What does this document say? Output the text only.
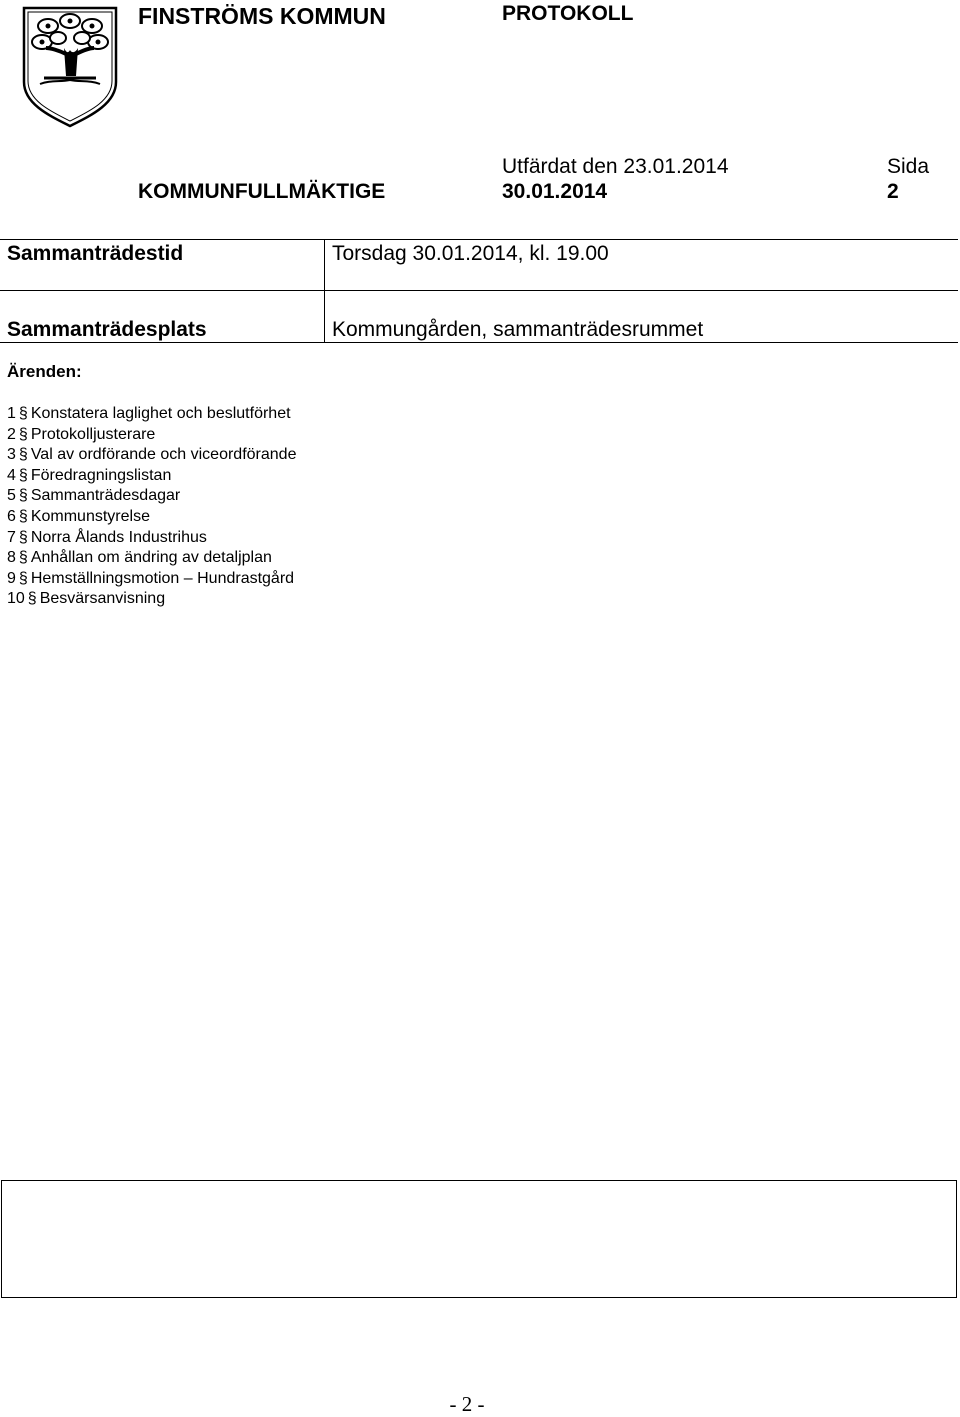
FINSTRÖMS KOMMUN	PROTOKOLL
Utfärdat den 23.01.2014
KOMMUNFULLMÄKTIGE	30.01.2014
Sida
2
Sammanträdestid	Torsdag 30.01.2014, kl. 19.00
Sammanträdesplats	Kommungården, sammanträdesrummet
Ärenden:
1 § Konstatera laglighet och beslutförhet
2 § Protokolljusterare
3 § Val av ordförande och viceordförande
4 § Föredragningslistan
5 § Sammanträdesdagar
6 § Kommunstyrelse
7 § Norra Ålands Industrihus
8 § Anhållan om ändring av detaljplan
9 § Hemställningsmotion – Hundrastgård
10 § Besvärsanvisning
- 2 -
